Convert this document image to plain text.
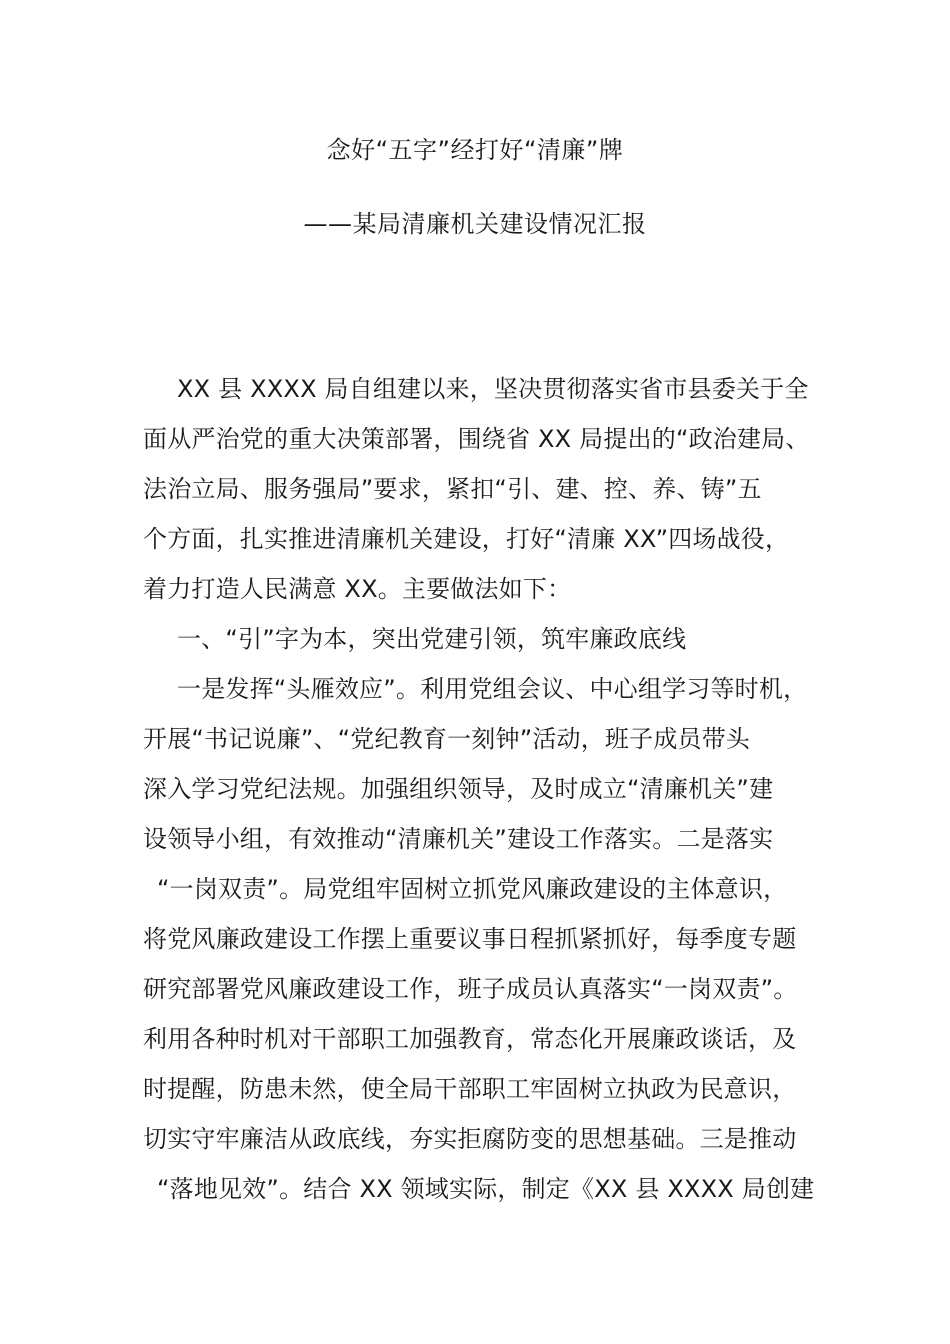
念好“五字”经打好“清廉”牌
——某局清廉机关建设情况汇报
XX 县 XXXX 局自组建以来，坚决贯彻落实省市县委关于全
面从严治党的重大决策部署，围绕省 XX 局提出的“政治建局、
法治立局、服务强局”要求，紧扣“引、建、控、养、铸”五
个方面，扎实推进清廉机关建设，打好“清廉 XX”四场战役，
着力打造人民满意 XX。主要做法如下：
一、“引”字为本，突出党建引领，筑牢廉政底线
一是发挥“头雁效应”。利用党组会议、中心组学习等时机，
开展“书记说廉”、“党纪教育一刻钟”活动，班子成员带头
深入学习党纪法规。加强组织领导，及时成立“清廉机关”建
设领导小组，有效推动“清廉机关”建设工作落实。二是落实
“一岗双责”。局党组牢固树立抓党风廉政建设的主体意识，
将党风廉政建设工作摆上重要议事日程抓紧抓好，每季度专题
研究部署党风廉政建设工作，班子成员认真落实“一岗双责”。
利用各种时机对干部职工加强教育，常态化开展廉政谈话，及
时提醒，防患未然，使全局干部职工牢固树立执政为民意识，
切实守牢廉洁从政底线，夯实拒腐防变的思想基础。三是推动
“落地见效”。结合 XX 领域实际，制定《XX 县 XXXX 局创建
